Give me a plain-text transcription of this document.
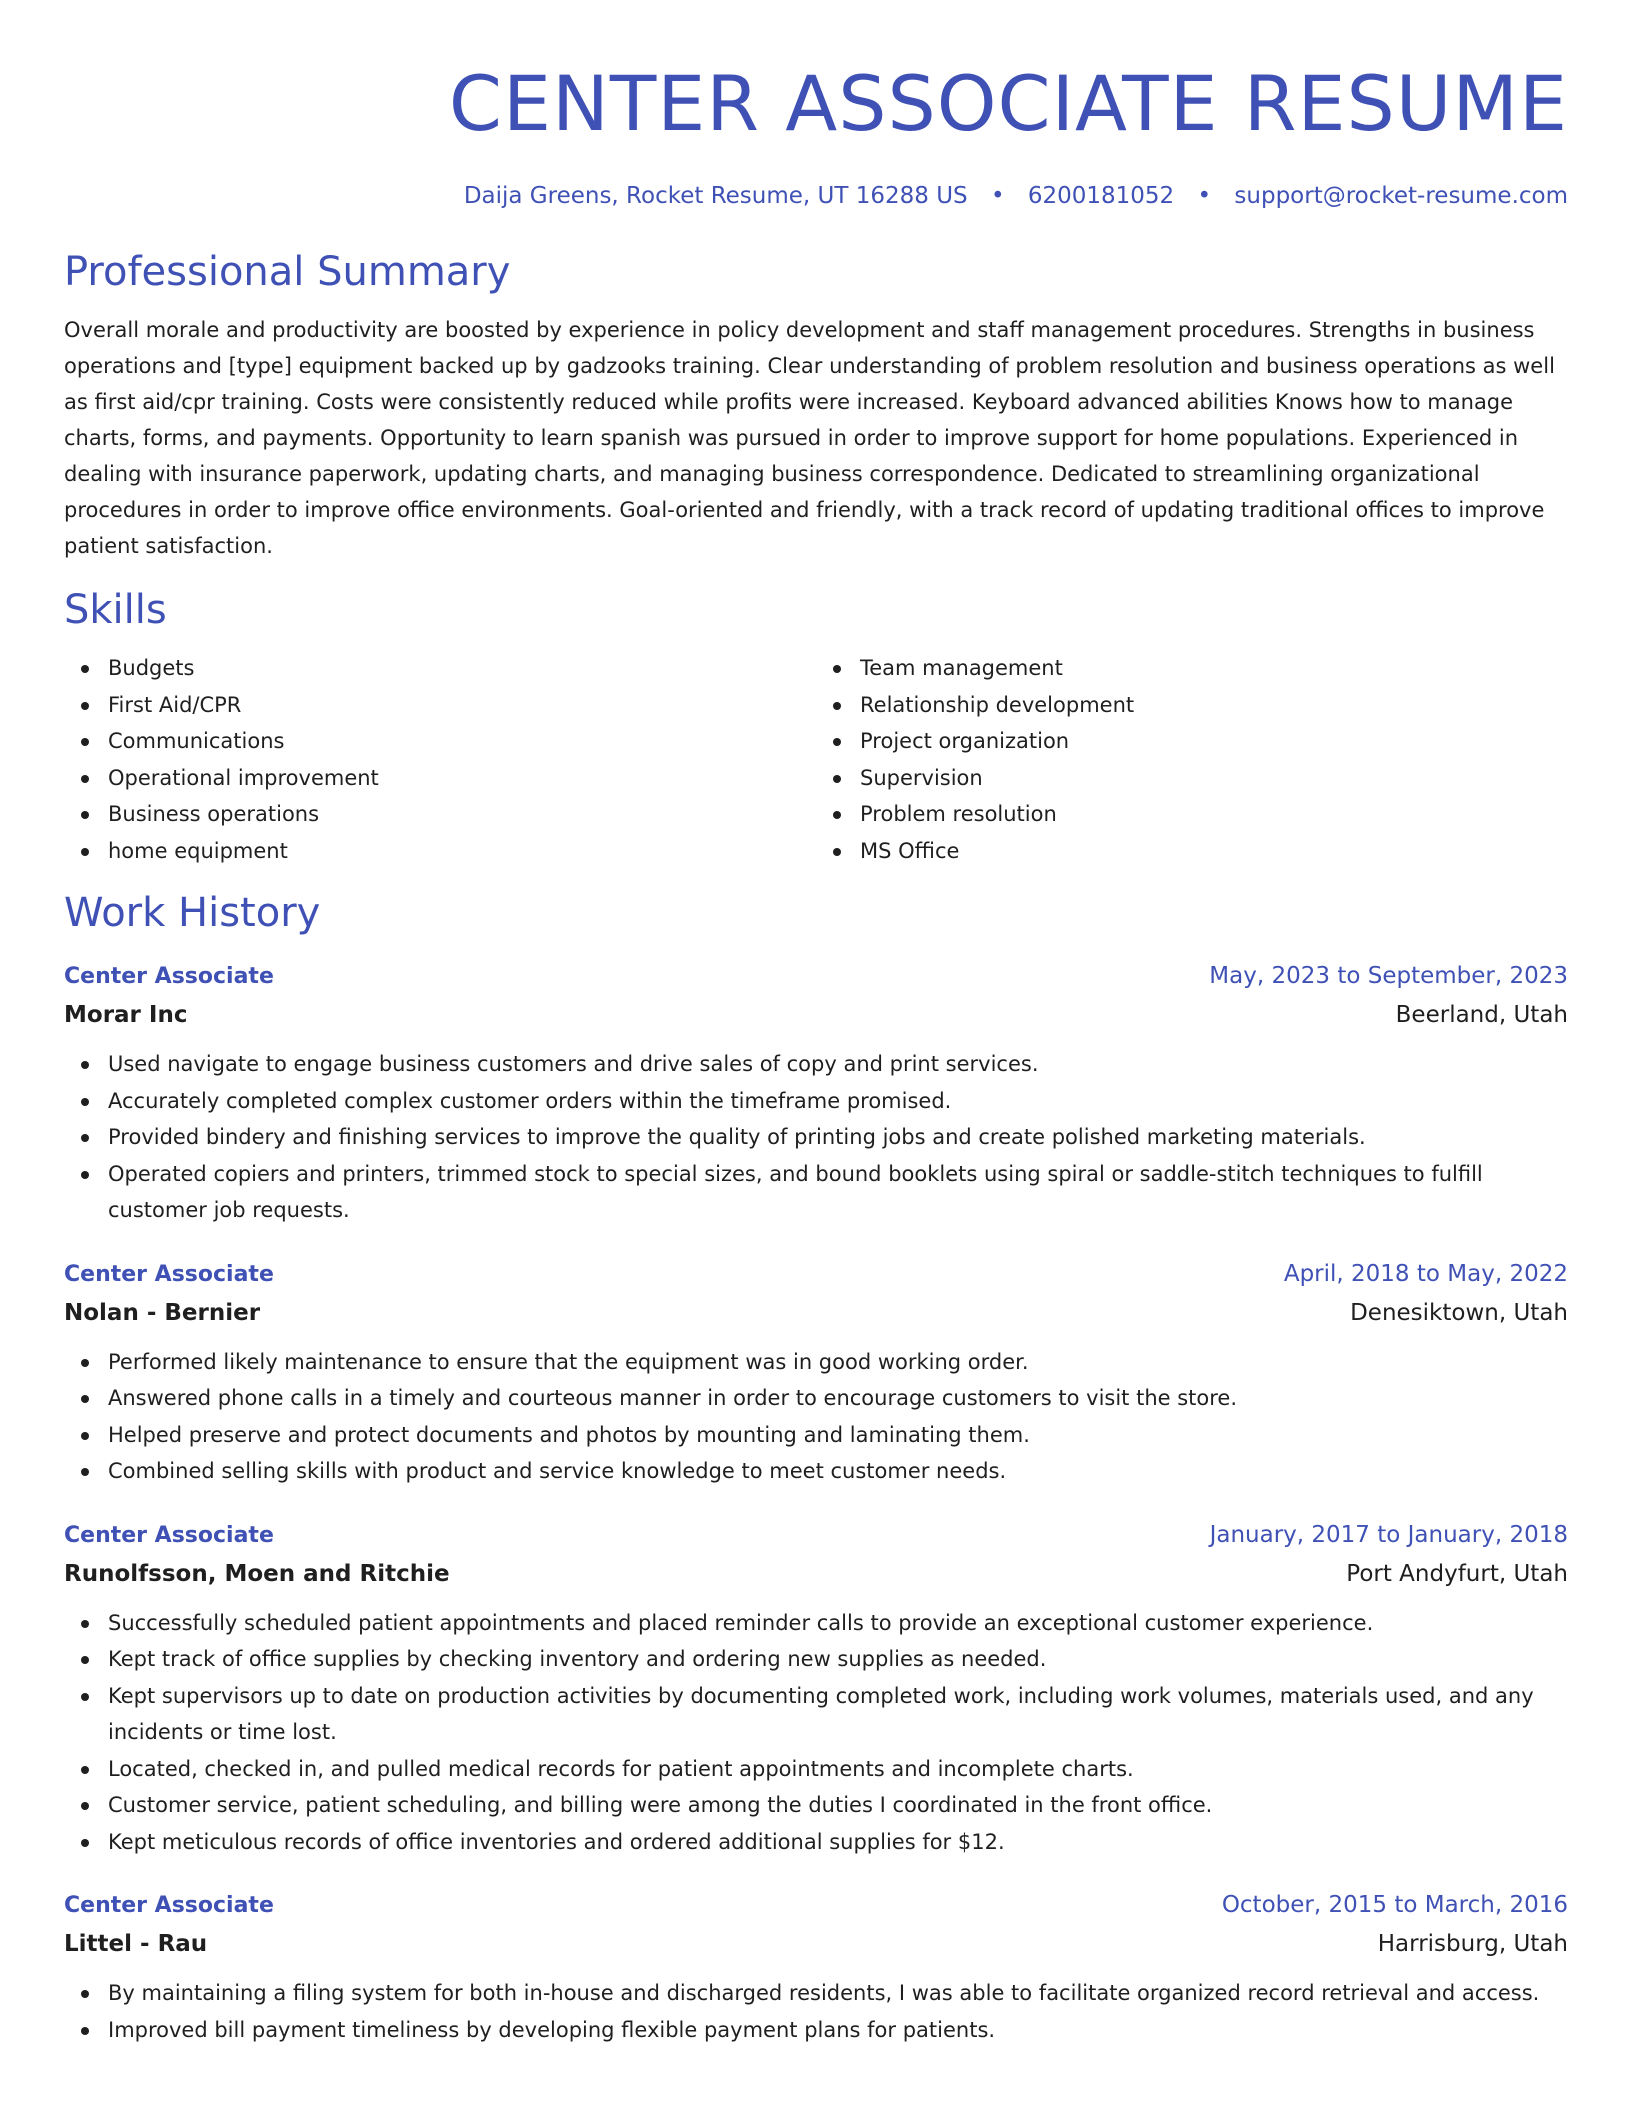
CENTER ASSOCIATE RESUME
Daija Greens, Rocket Resume, UT 16288 US • 6200181052 • support@rocket-resume.com
Professional Summary
Overall morale and productivity are boosted by experience in policy development and staff management procedures. Strengths in business operations and [type] equipment backed up by gadzooks training. Clear understanding of problem resolution and business operations as well as first aid/cpr training. Costs were consistently reduced while profits were increased. Keyboard advanced abilities Knows how to manage charts, forms, and payments. Opportunity to learn spanish was pursued in order to improve support for home populations. Experienced in dealing with insurance paperwork, updating charts, and managing business correspondence. Dedicated to streamlining organizational procedures in order to improve office environments. Goal-oriented and friendly, with a track record of updating traditional offices to improve patient satisfaction.
Skills
Budgets
First Aid/CPR
Communications
Operational improvement
Business operations
home equipment
Team management
Relationship development
Project organization
Supervision
Problem resolution
MS Office
Work History
Center Associate	May, 2023 to September, 2023
Morar Inc	Beerland, Utah
Used navigate to engage business customers and drive sales of copy and print services.
Accurately completed complex customer orders within the timeframe promised.
Provided bindery and finishing services to improve the quality of printing jobs and create polished marketing materials.
Operated copiers and printers, trimmed stock to special sizes, and bound booklets using spiral or saddle-stitch techniques to fulfill customer job requests.
Center Associate	April, 2018 to May, 2022
Nolan - Bernier	Denesiktown, Utah
Performed likely maintenance to ensure that the equipment was in good working order.
Answered phone calls in a timely and courteous manner in order to encourage customers to visit the store.
Helped preserve and protect documents and photos by mounting and laminating them.
Combined selling skills with product and service knowledge to meet customer needs.
Center Associate	January, 2017 to January, 2018
Runolfsson, Moen and Ritchie	Port Andyfurt, Utah
Successfully scheduled patient appointments and placed reminder calls to provide an exceptional customer experience.
Kept track of office supplies by checking inventory and ordering new supplies as needed.
Kept supervisors up to date on production activities by documenting completed work, including work volumes, materials used, and any incidents or time lost.
Located, checked in, and pulled medical records for patient appointments and incomplete charts.
Customer service, patient scheduling, and billing were among the duties I coordinated in the front office.
Kept meticulous records of office inventories and ordered additional supplies for $12.
Center Associate	October, 2015 to March, 2016
Littel - Rau	Harrisburg, Utah
By maintaining a filing system for both in-house and discharged residents, I was able to facilitate organized record retrieval and access.
Improved bill payment timeliness by developing flexible payment plans for patients.
